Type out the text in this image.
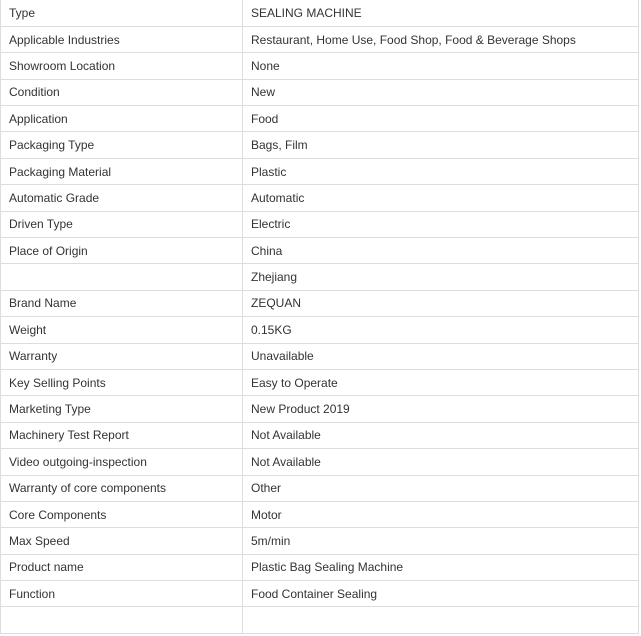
Type	SEALING MACHINE
Applicable Industries	Restaurant, Home Use, Food Shop, Food & Beverage Shops
Showroom Location	None
Condition	New
Application	Food
Packaging Type	Bags, Film
Packaging Material	Plastic
Automatic Grade	Automatic
Driven Type	Electric
Place of Origin	China
	Zhejiang
Brand Name	ZEQUAN
Weight	0.15KG
Warranty	Unavailable
Key Selling Points	Easy to Operate
Marketing Type	New Product 2019
Machinery Test Report	Not Available
Video outgoing-inspection	Not Available
Warranty of core components	Other
Core Components	Motor
Max Speed	5m/min
Product name	Plastic Bag Sealing Machine
Function	Food Container Sealing
